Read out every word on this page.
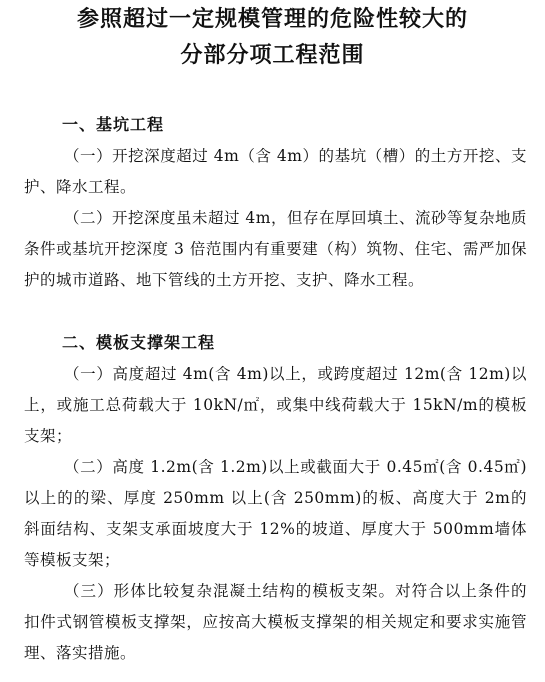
参照超过一定规模管理的危险性较大的
分部分项工程范围
一、基坑工程
（一）开挖深度超过 4m（含 4m）的基坑（槽）的土方开挖、支护、降水工程。
（二）开挖深度虽未超过 4m，但存在厚回填土、流砂等复杂地质条件或基坑开挖深度 3 倍范围内有重要建（构）筑物、住宅、需严加保护的城市道路、地下管线的土方开挖、支护、降水工程。
二、模板支撑架工程
（一）高度超过 4m(含 4m)以上，或跨度超过 12m(含 12m)以上，或施工总荷载大于 10kN/㎡，或集中线荷载大于 15kN/m的模板支架；
（二）高度 1.2m(含 1.2m)以上或截面大于 0.45㎡(含 0.45㎡)以上的的梁、厚度 250mm 以上(含 250mm)的板、高度大于 2m的斜面结构、支架支承面坡度大于 12%的坡道、厚度大于 500mm墙体等模板支架；
（三）形体比较复杂混凝土结构的模板支架。对符合以上条件的扣件式钢管模板支撑架，应按高大模板支撑架的相关规定和要求实施管理、落实措施。
